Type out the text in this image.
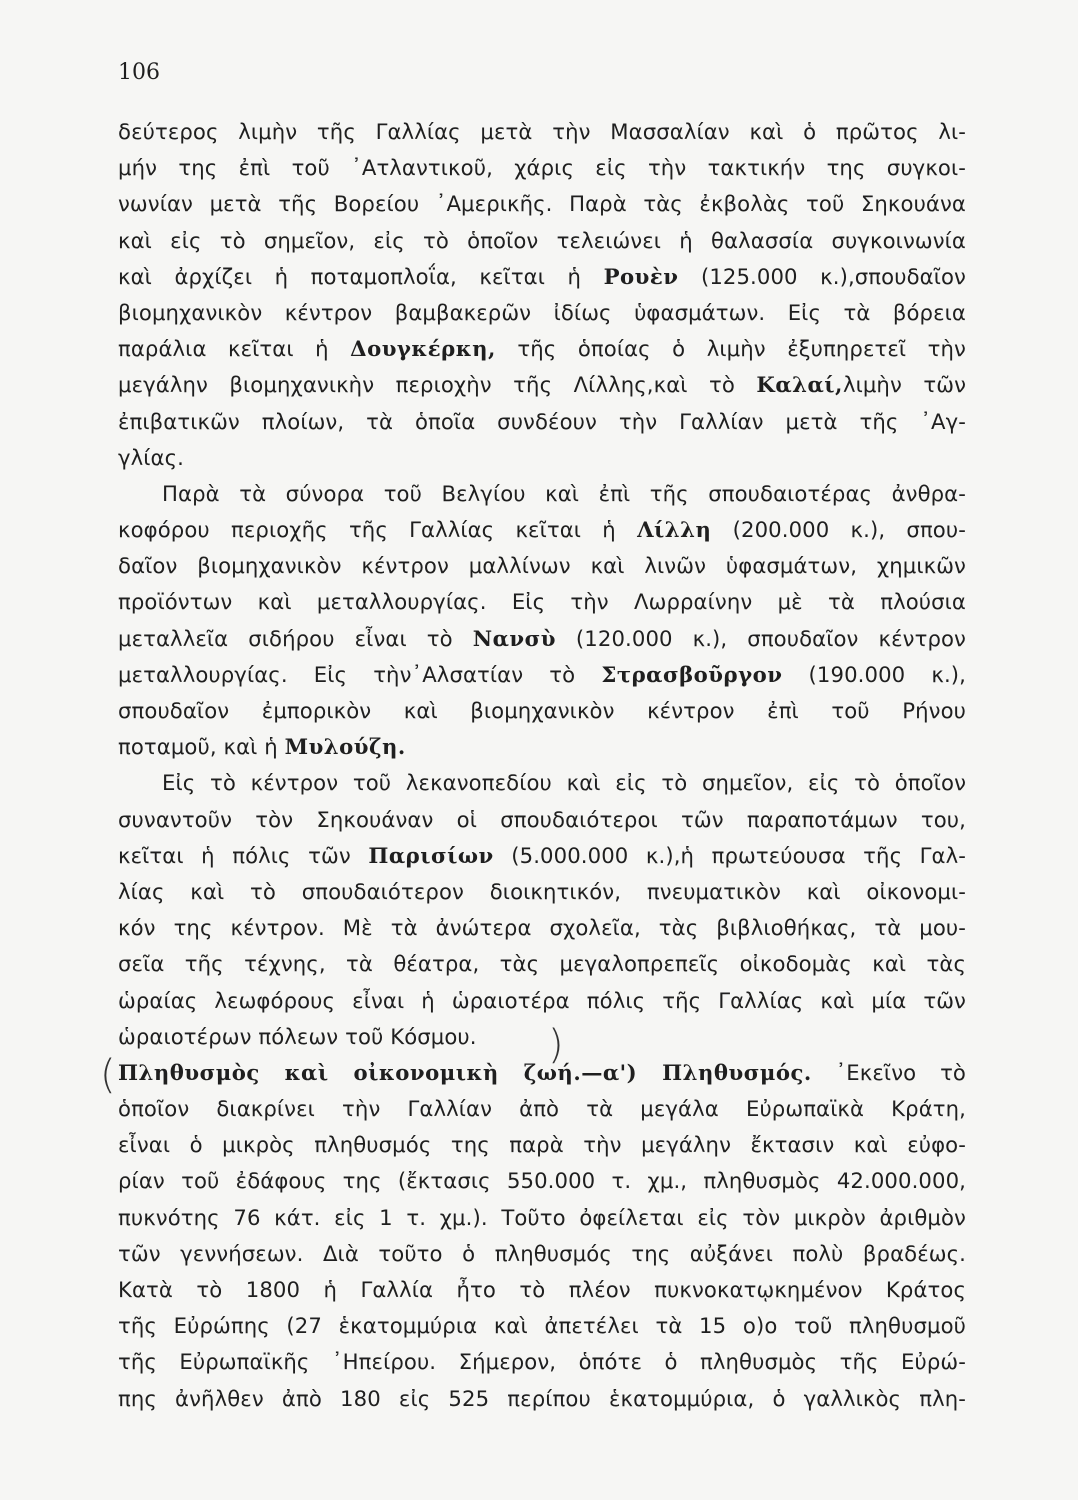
106
δεύτερος λιμὴν τῆς Γαλλίας μετὰ τὴν Μασσαλίαν καὶ ὁ πρῶτος λι-
μήν της ἐπὶ τοῦ ᾿Ατλαντικοῦ, χάρις εἰς τὴν τακτικήν της συγκοι-
νωνίαν μετὰ τῆς Βορείου ᾿Αμερικῆς. Παρὰ τὰς ἐκβολὰς τοῦ Σηκουάνα
καὶ εἰς τὸ σημεῖον, εἰς τὸ ὁποῖον τελειώνει ἡ θαλασσία συγκοινωνία
καὶ ἀρχίζει ἡ ποταμοπλοΐα, κεῖται ἡ Ρουὲν (125.000 κ.),σπουδαῖον
βιομηχανικὸν κέντρον βαμβακερῶν ἰδίως ὑφασμάτων. Εἰς τὰ βόρεια
παράλια κεῖται ἡ Δουγκέρκη, τῆς ὁποίας ὁ λιμὴν ἐξυπηρετεῖ τὴν
μεγάλην βιομηχανικὴν περιοχὴν τῆς Λίλλης,καὶ τὸ Καλαί,λιμὴν τῶν
ἐπιβατικῶν πλοίων, τὰ ὁποῖα συνδέουν τὴν Γαλλίαν μετὰ τῆς ᾿Αγ-
γλίας.
Παρὰ τὰ σύνορα τοῦ Βελγίου καὶ ἐπὶ τῆς σπουδαιοτέρας ἀνθρα-
κοφόρου περιοχῆς τῆς Γαλλίας κεῖται ἡ Λίλλη (200.000 κ.), σπου-
δαῖον βιομηχανικὸν κέντρον μαλλίνων καὶ λινῶν ὑφασμάτων, χημικῶν
προϊόντων καὶ μεταλλουργίας. Εἰς τὴν Λωρραίνην μὲ τὰ πλούσια
μεταλλεῖα σιδήρου εἶναι τὸ Νανσὺ (120.000 κ.), σπουδαῖον κέντρον
μεταλλουργίας. Εἰς τὴν᾿Αλσατίαν τὸ Στρασβοῦργον (190.000 κ.),
σπουδαῖον ἐμπορικὸν καὶ βιομηχανικὸν κέντρον ἐπὶ τοῦ Ρήνου
ποταμοῦ, καὶ ἡ Μυλούζη.
Εἰς τὸ κέντρον τοῦ λεκανοπεδίου καὶ εἰς τὸ σημεῖον, εἰς τὸ ὁποῖον
συναντοῦν τὸν Σηκουάναν οἱ σπουδαιότεροι τῶν παραποτάμων του,
κεῖται ἡ πόλις τῶν Παρισίων (5.000.000 κ.),ἡ πρωτεύουσα τῆς Γαλ-
λίας καὶ τὸ σπουδαιότερον διοικητικόν, πνευματικὸν καὶ οἰκονομι-
κόν της κέντρον. Μὲ τὰ ἀνώτερα σχολεῖα, τὰς βιβλιοθήκας, τὰ μου-
σεῖα τῆς τέχνης, τὰ θέατρα, τὰς μεγαλοπρεπεῖς οἰκοδομὰς καὶ τὰς
ὡραίας λεωφόρους εἶναι ἡ ὡραιοτέρα πόλις τῆς Γαλλίας καὶ μία τῶν
ὡραιοτέρων πόλεων τοῦ Κόσμου.
Πληθυσμὸς καὶ οἰκονομικὴ ζωή.—α') Πληθυσμός. ᾿Εκεῖνο τὸ
ὁποῖον διακρίνει τὴν Γαλλίαν ἀπὸ τὰ μεγάλα Εὐρωπαϊκὰ Κράτη,
εἶναι ὁ μικρὸς πληθυσμός της παρὰ τὴν μεγάλην ἔκτασιν καὶ εὐφο-
ρίαν τοῦ ἐδάφους της (ἔκτασις 550.000 τ. χμ., πληθυσμὸς 42.000.000,
πυκνότης 76 κάτ. εἰς 1 τ. χμ.). Τοῦτο ὀφείλεται εἰς τὸν μικρὸν ἀριθμὸν
τῶν γεννήσεων. Διὰ τοῦτο ὁ πληθυσμός της αὐξάνει πολὺ βραδέως.
Κατὰ τὸ 1800 ἡ Γαλλία ἦτο τὸ πλέον πυκνοκατῳκημένον Κράτος
τῆς Εὐρώπης (27 ἑκατομμύρια καὶ ἀπετέλει τὰ 15 ο)ο τοῦ πληθυσμοῦ
τῆς Εὐρωπαϊκῆς ᾿Ηπείρου. Σήμερον, ὁπότε ὁ πληθυσμὸς τῆς Εὐρώ-
πης ἀνῆλθεν ἀπὸ 180 εἰς 525 περίπου ἑκατομμύρια, ὁ γαλλικὸς πλη-
)
(
